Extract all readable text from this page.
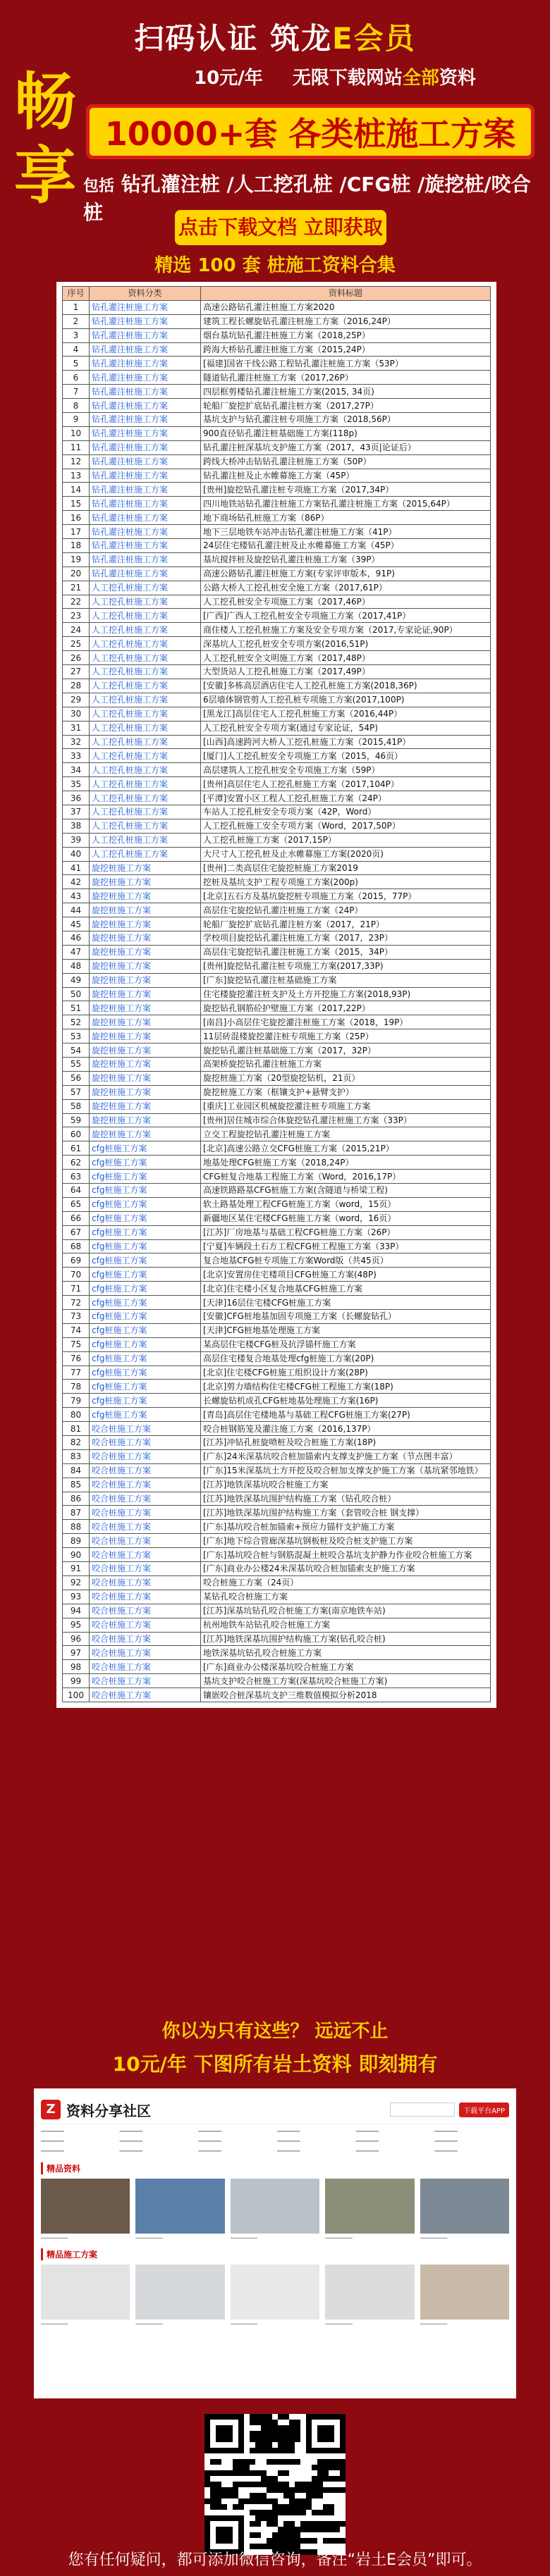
扫码认证 筑龙E会员
10元/年 无限下载网站全部资料
畅
享
10000+套 各类桩施工方案
包括 钻孔灌注桩 /人工挖孔桩 /CFG桩 /旋挖桩/咬合桩
点击下载文档 立即获取
精选 100 套 桩施工资料合集
序号	资料分类	资料标题
1	钻孔灌注桩施工方案	高速公路钻孔灌注桩施工方案2020
2	钻孔灌注桩施工方案	建筑工程长螺旋钻孔灌注桩施工方案（2016,24P）
3	钻孔灌注桩施工方案	烟台基坑钻孔灌注桩施工方案（2018,25P）
4	钻孔灌注桩施工方案	跨海大桥钻孔灌注桩施工方案（2015,24P）
5	钻孔灌注桩施工方案	[福建]国省干线公路工程钻孔灌注桩施工方案（53P）
6	钻孔灌注桩施工方案	隧道钻孔灌注桩施工方案（2017,26P）
7	钻孔灌注桩施工方案	四层框剪楼钻孔灌注桩施工方案(2015, 34页)
8	钻孔灌注桩施工方案	轮船厂旋挖扩底钻孔灌注桩方案（2017,27P）
9	钻孔灌注桩施工方案	基坑支护与钻孔灌注桩专项施工方案（2018,56P）
10	钻孔灌注桩施工方案	900直径钻孔灌注桩基础施工方案(118p)
11	钻孔灌注桩施工方案	钻孔灌注桩深基坑支护施工方案（2017，43页|论证后）
12	钻孔灌注桩施工方案	跨线大桥冲击钻钻孔灌注桩施工方案（50P）
13	钻孔灌注桩施工方案	钻孔灌注桩及止水帷幕施工方案（45P）
14	钻孔灌注桩施工方案	[贵州]旋挖钻孔灌注桩专项施工方案（2017,34P）
15	钻孔灌注桩施工方案	四川地铁站钻孔灌注桩施工方案钻孔灌注桩施工方案（2015,64P）
16	钻孔灌注桩施工方案	地下商场钻孔桩施工方案（86P）
17	钻孔灌注桩施工方案	地下三层地铁车站冲击钻孔灌注桩施工方案（41P）
18	钻孔灌注桩施工方案	24层住宅楼钻孔灌注桩及止水帷幕施工方案（45P）
19	钻孔灌注桩施工方案	基坑搅拌桩及旋挖钻孔灌注桩施工方案（39P）
20	钻孔灌注桩施工方案	高速公路钻孔灌注桩施工方案(专家评审版本，91P)
21	人工挖孔桩施工方案	公路大桥人工挖孔桩安全施工方案（2017,61P）
22	人工挖孔桩施工方案	人工挖孔桩安全专项施工方案（2017,46P）
23	人工挖孔桩施工方案	[广西]广西人工挖孔桩安全专项施工方案（2017,41P）
24	人工挖孔桩施工方案	商住楼人工挖孔桩施工方案及安全专项方案（2017,专家论证,90P）
25	人工挖孔桩施工方案	深基坑人工挖孔桩安全专项方案(2016,51P)
26	人工挖孔桩施工方案	人工挖孔桩安全文明施工方案（2017,48P）
27	人工挖孔桩施工方案	大型货站人工挖孔桩施工方案（2017,49P）
28	人工挖孔桩施工方案	[安徽]多栋高层酒店住宅人工挖孔桩施工方案(2018,36P)
29	人工挖孔桩施工方案	6层墙体钢管剪人工挖孔桩专项施工方案(2017,100P)
30	人工挖孔桩施工方案	[黑龙江]高层住宅人工挖孔桩施工方案（2016,44P）
31	人工挖孔桩施工方案	人工挖孔桩安全专项方案(通过专家论证，54P)
32	人工挖孔桩施工方案	[山西]高速跨河大桥人工挖孔桩施工方案（2015,41P）
33	人工挖孔桩施工方案	[厦门]人工挖孔桩安全专项施工方案（2015，46页）
34	人工挖孔桩施工方案	高层建筑人工挖孔桩安全专项施工方案（59P）
35	人工挖孔桩施工方案	[贵州]高层住宅人工挖孔桩施工方案（2017,104P）
36	人工挖孔桩施工方案	[平潭]安置小区工程人工挖孔桩施工方案（24P）
37	人工挖孔桩施工方案	车站人工挖孔桩安全专项方案（42P，Word）
38	人工挖孔桩施工方案	人工挖孔桩施工安全专项方案（Word，2017,50P）
39	人工挖孔桩施工方案	人工挖孔桩施工方案（2017,15P）
40	人工挖孔桩施工方案	大尺寸人工挖孔桩及止水帷幕施工方案(2020页)
41	旋挖桩施工方案	[贵州]二类高层住宅旋挖桩施工方案2019
42	旋挖桩施工方案	挖桩及基坑支护工程专项施工方案(200p)
43	旋挖桩施工方案	[北京]五石方及基坑旋挖桩专项施工方案（2015，77P）
44	旋挖桩施工方案	高层住宅旋挖钻孔灌注桩施工方案（24P）
45	旋挖桩施工方案	轮船厂旋挖扩底钻孔灌注桩方案（2017，21P）
46	旋挖桩施工方案	学校项目旋挖钻孔灌注桩施工方案（2017，23P）
47	旋挖桩施工方案	高层住宅旋挖钻孔灌注桩施工方案（2015，34P）
48	旋挖桩施工方案	[贵州]旋挖钻孔灌注桩专项施工方案(2017,33P)
49	旋挖桩施工方案	[广东]旋挖钻孔灌注桩基础施工方案
50	旋挖桩施工方案	住宅楼旋挖灌注桩支护及土方开挖施工方案(2018,93P)
51	旋挖桩施工方案	旋挖钻孔钢筋砼护壁施工方案（2017,22P）
52	旋挖桩施工方案	[南昌]小高层住宅旋挖灌注桩施工方案（2018，19P）
53	旋挖桩施工方案	11层砖混楼旋挖灌注桩专项施工方案（25P）
54	旋挖桩施工方案	旋挖钻孔灌注桩基础施工方案（2017，32P）
55	旋挖桩施工方案	高架桥旋挖钻孔灌注桩施工方案
56	旋挖桩施工方案	旋挖桩施工方案（20型旋挖钻机，21页）
57	旋挖桩施工方案	旋挖桩施工方案（框镶支护+悬臂支护）
58	旋挖桩施工方案	[重庆]工业园区机械旋挖灌注桩专项施工方案
59	旋挖桩施工方案	[贵州]居住城市综合体旋挖钻孔灌注桩施工方案（33P）
60	旋挖桩施工方案	立交工程旋挖钻孔灌注桩施工方案
61	cfg桩施工方案	[北京]高速公路立交CFG桩施工方案（2015,21P）
62	cfg桩施工方案	地基处理CFG桩施工方案（2018,24P）
63	cfg桩施工方案	CFG桩复合地基工程施工方案（Word，2016,17P）
64	cfg桩施工方案	高速铁路路基CFG桩施工方案(含隧道与桥梁工程)
65	cfg桩施工方案	软土路基处理工程CFG桩施工方案（word，15页）
66	cfg桩施工方案	新疆地区某住宅楼CFG桩施工方案（word，16页）
67	cfg桩施工方案	[江苏]厂房地基与基础工程CFG桩施工方案（26P）
68	cfg桩施工方案	[宁夏]车辆段土石方工程CFG桩工程施工方案（33P）
69	cfg桩施工方案	复合地基CFG桩专项施工方案Word版（共45页）
70	cfg桩施工方案	[北京]安置房住宅楼项目CFG桩施工方案(48P)
71	cfg桩施工方案	[北京]住宅楼小区复合地基CFG桩施工方案
72	cfg桩施工方案	[天津]16层住宅楼CFG桩施工方案
73	cfg桩施工方案	[安徽]CFG桩地基加固专项施工方案（长螺旋钻孔）
74	cfg桩施工方案	[天津]CFG桩地基处理施工方案
75	cfg桩施工方案	某高层住宅楼CFG桩及抗浮锚杆施工方案
76	cfg桩施工方案	高层住宅楼复合地基处理cfg桩施工方案(20P)
77	cfg桩施工方案	[北京]住宅楼CFG桩施工组织设计方案(28P)
78	cfg桩施工方案	[北京]剪力墙结构住宅楼CFG桩工程施工方案(18P)
79	cfg桩施工方案	长螺旋钻机成孔CFG桩地基处理施工方案(16P)
80	cfg桩施工方案	[青岛]高层住宅楼地基与基础工程CFG桩施工方案(27P)
81	咬合桩施工方案	咬合桩钢筋笼及灌注施工方案（2016,137P）
82	咬合桩施工方案	[江苏]冲钻孔桩旋喷桩及咬合桩施工方案(18P)
83	咬合桩施工方案	[广东]24米深基坑咬合桩加锚索内支撑支护施工方案（节点图丰富）
84	咬合桩施工方案	[广东]15米深基坑土方开挖及咬合桩加支撑支护施工方案（基坑紧邻地铁）
85	咬合桩施工方案	[江苏]地铁深基坑咬合桩施工方案
86	咬合桩施工方案	[江苏]地铁深基坑围护结构施工方案（钻孔咬合桩）
87	咬合桩施工方案	[江苏]地铁深基坑围护结构施工方案（套管咬合桩 钢支撑）
88	咬合桩施工方案	[广东]基坑咬合桩加锚索+预应力锚杆支护施工方案
89	咬合桩施工方案	[广东]地下综合管廊深基坑钢板桩及咬合桩支护施工方案
90	咬合桩施工方案	[广东]基坑咬合桩与钢筋混凝土桩咬合基坑支护静力作业咬合桩施工方案
91	咬合桩施工方案	[广东]商业办公楼24米深基坑咬合桩加锚索支护施工方案
92	咬合桩施工方案	咬合桩施工方案（24页）
93	咬合桩施工方案	某钻孔咬合桩施工方案
94	咬合桩施工方案	[江苏]深基坑钻孔咬合桩施工方案(南京地铁车站)
95	咬合桩施工方案	杭州地铁车站钻孔咬合桩施工方案
96	咬合桩施工方案	[江苏]地铁深基坑围护结构施工方案(钻孔咬合桩)
97	咬合桩施工方案	地铁深基坑钻孔咬合桩施工方案
98	咬合桩施工方案	[广东]商业办公楼深基坑咬合桩施工方案
99	咬合桩施工方案	基坑支护咬合桩施工方案(深基坑咬合桩施工方案)
100	咬合桩施工方案	镶嵌咬合桩深基坑支护三维数值模拟分析2018
你以为只有这些？ 远远不止
10元/年 下图所有岩土资料 即刻拥有
Z 资料分享社区	下载平台APP
──────	──────	──────	──────	──────	──────
──────	──────	──────	──────	──────	──────
──────	──────	──────	──────	──────	──────
精品资料
────────	────────	────────	────────	────────
精品施工方案
────────	────────	────────	────────	────────
您有任何疑问，都可添加微信咨询，备注“岩土E会员”即可。
